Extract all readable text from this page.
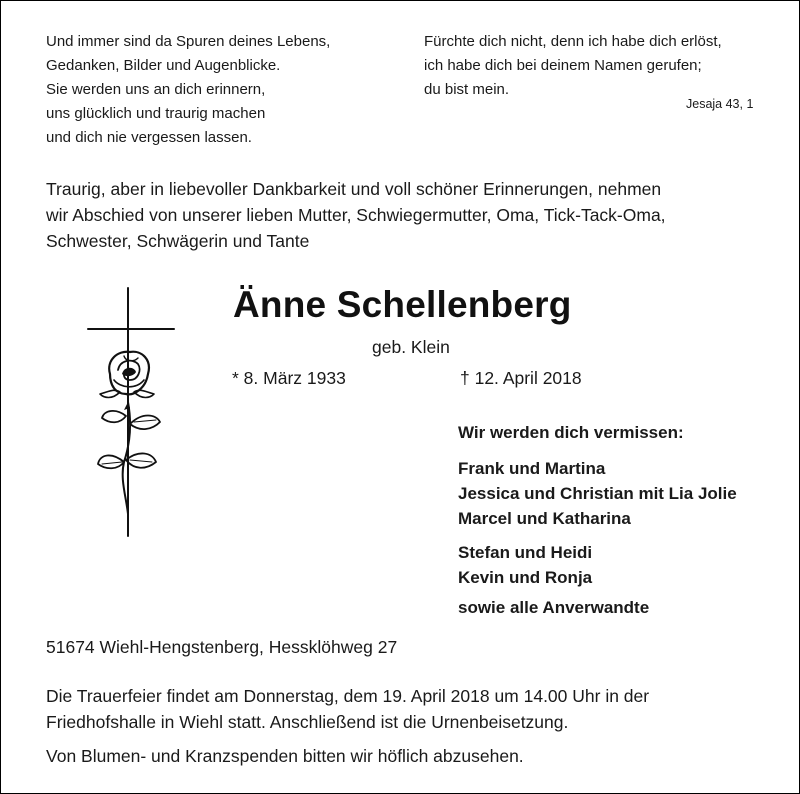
Und immer sind da Spuren deines Lebens,
Gedanken, Bilder und Augenblicke.
Sie werden uns an dich erinnern,
uns glücklich und traurig machen
und dich nie vergessen lassen.
Fürchte dich nicht, denn ich habe dich erlöst,
ich habe dich bei deinem Namen gerufen;
du bist mein.
Jesaja 43, 1
Traurig, aber in liebevoller Dankbarkeit und voll schöner Erinnerungen, nehmen
wir Abschied von unserer lieben Mutter, Schwiegermutter, Oma, Tick-Tack-Oma,
Schwester, Schwägerin und Tante
Änne Schellenberg
geb. Klein
* 8. März 1933	† 12. April 2018
Wir werden dich vermissen:
Frank und Martina
Jessica und Christian mit Lia Jolie
Marcel und Katharina
Stefan und Heidi
Kevin und Ronja
sowie alle Anverwandte
51674 Wiehl-Hengstenberg, Hessklöhweg 27
Die Trauerfeier findet am Donnerstag, dem 19. April 2018 um 14.00 Uhr in der
Friedhofshalle in Wiehl statt. Anschließend ist die Urnenbeisetzung.
Von Blumen- und Kranzspenden bitten wir höflich abzusehen.
